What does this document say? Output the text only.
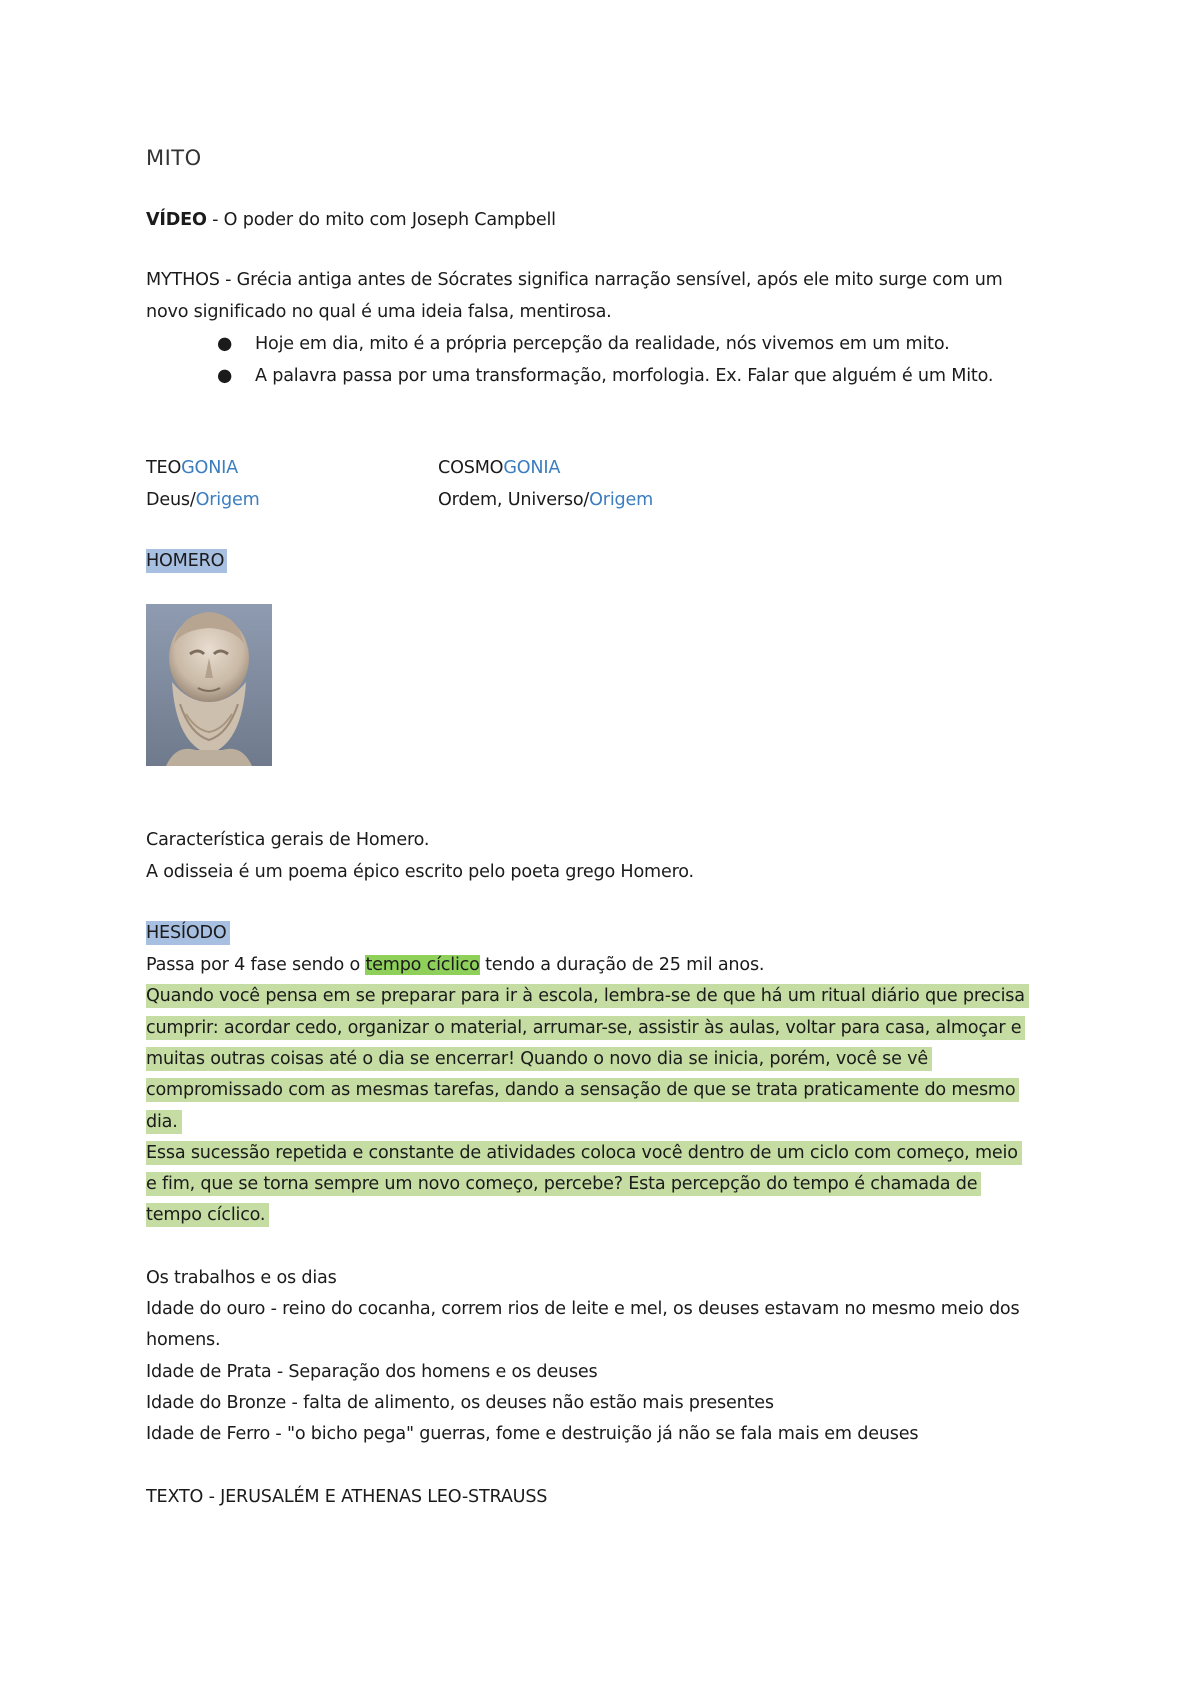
MITO

VÍDEO - O poder do mito com Joseph Campbell

MYTHOS - Grécia antiga antes de Sócrates significa narração sensível, após ele mito surge com um

novo significado no qual é uma ideia falsa, mentirosa.

● Hoje em dia, mito é a própria percepção da realidade, nós vivemos em um mito.
● A palavra passa por uma transformação, morfologia. Ex. Falar que alguém é um Mito.

TEOGONIA	COSMOGONIA

Deus/Origem	Ordem, Universo/Origem

HOMERO

Característica gerais de Homero.

A odisseia é um poema épico escrito pelo poeta grego Homero.

HESÍODO

Passa por 4 fase sendo o tempo cíclico tendo a duração de 25 mil anos.

Quando você pensa em se preparar para ir à escola, lembra-se de que há um ritual diário que precisa

cumprir: acordar cedo, organizar o material, arrumar-se, assistir às aulas, voltar para casa, almoçar e

muitas outras coisas até o dia se encerrar! Quando o novo dia se inicia, porém, você se vê

compromissado com as mesmas tarefas, dando a sensação de que se trata praticamente do mesmo

dia.

Essa sucessão repetida e constante de atividades coloca você dentro de um ciclo com começo, meio

e fim, que se torna sempre um novo começo, percebe? Esta percepção do tempo é chamada de

tempo cíclico.

Os trabalhos e os dias

Idade do ouro - reino do cocanha, correm rios de leite e mel, os deuses estavam no mesmo meio dos

homens.

Idade de Prata - Separação dos homens e os deuses

Idade do Bronze - falta de alimento, os deuses não estão mais presentes

Idade de Ferro - "o bicho pega" guerras, fome e destruição já não se fala mais em deuses

TEXTO - JERUSALÉM E ATHENAS LEO-STRAUSS
